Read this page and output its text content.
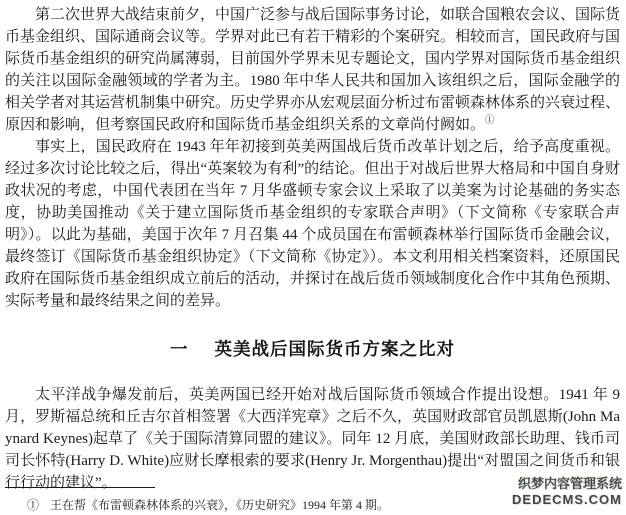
第二次世界大战结束前夕，中国广泛参与战后国际事务讨论，如联合国粮农会议、国际货币基金组织、国际通商会议等。学界对此已有若干精彩的个案研究。相较而言，国民政府与国际货币基金组织的研究尚属薄弱，目前国外学界未见专题论文，国内学界对国际货币基金组织的关注以国际金融领域的学者为主。1980 年中华人民共和国加入该组织之后，国际金融学的相关学者对其运营机制集中研究。历史学界亦从宏观层面分析过布雷顿森林体系的兴衰过程、原因和影响，但考察国民政府和国际货币基金组织关系的文章尚付阙如。①

事实上，国民政府在 1943 年年初接到英美两国战后货币改革计划之后，给予高度重视。经过多次讨论比较之后，得出“英案较为有利”的结论。但出于对战后世界大格局和中国自身财政状况的考虑，中国代表团在当年 7 月华盛顿专家会议上采取了以美案为讨论基础的务实态度，协助美国推动《关于建立国际货币基金组织的专家联合声明》（下文简称《专家联合声明》）。以此为基础，美国于次年 7 月召集 44 个成员国在布雷顿森林举行国际货币金融会议，最终签订《国际货币基金组织协定》（下文简称《协定》）。本文利用相关档案资料，还原国民政府在国际货币基金组织成立前后的活动，并探讨在战后货币领域制度化合作中其角色预期、实际考量和最终结果之间的差异。

一 英美战后国际货币方案之比对

太平洋战争爆发前后，英美两国已经开始对战后国际货币领域合作提出设想。1941 年 9 月，罗斯福总统和丘吉尔首相签署《大西洋宪章》之后不久，英国财政部官员凯恩斯(John Maynard Keynes)起草了《关于国际清算同盟的建议》。同年 12 月底，美国财政部长助理、钱币司司长怀特(Harry D. White)应财长摩根索的要求(Henry Jr. Morgenthau)提出“对盟国之间货币和银行行动的建议”。

① 王在帮《布雷顿森林体系的兴衰》，《历史研究》1994 年第 4 期。

织梦内容管理系统
DEDECMS.COM
